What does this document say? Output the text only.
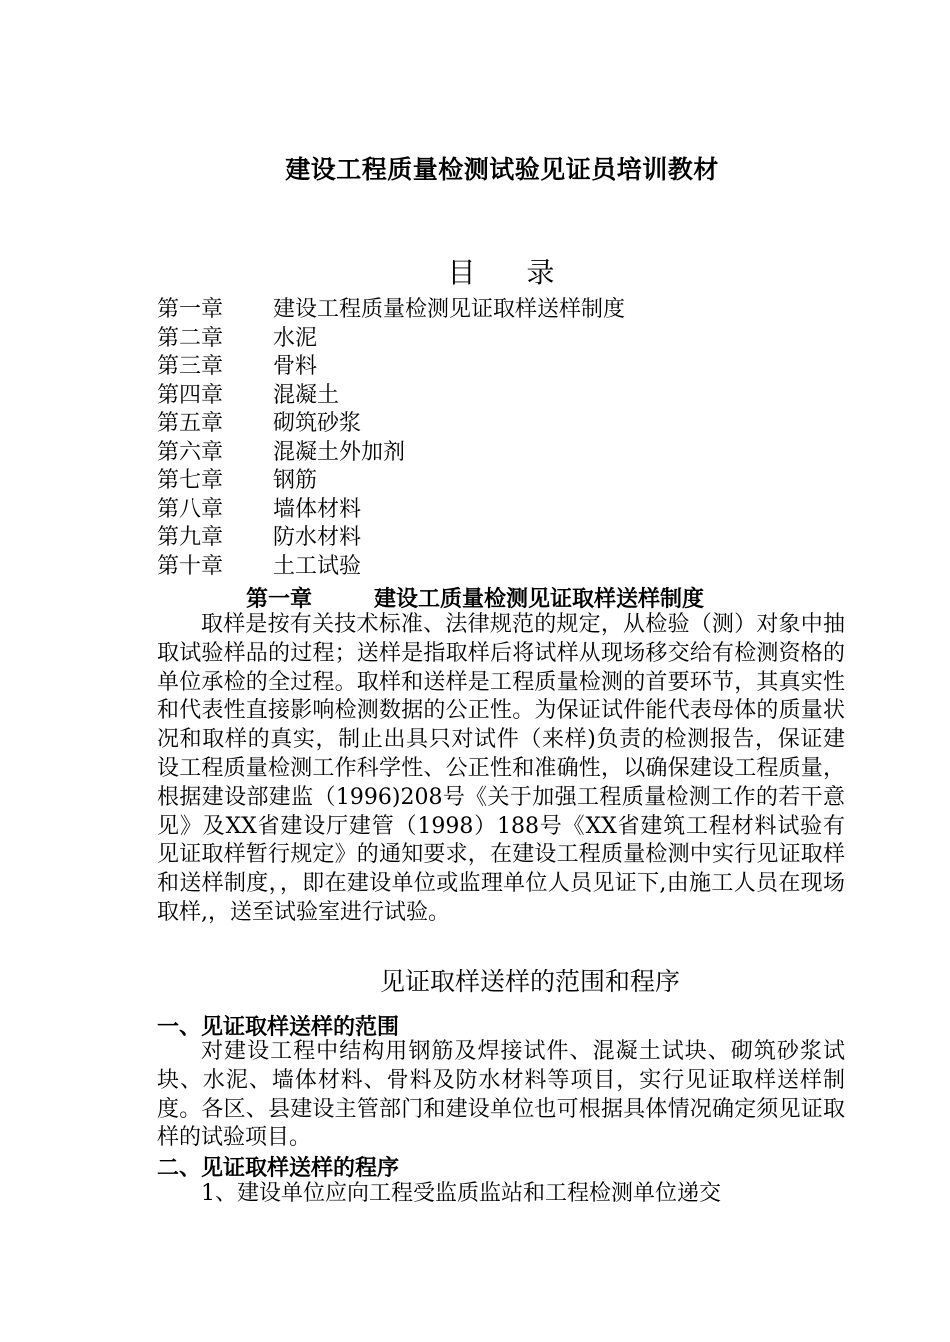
建设工程质量检测试验见证员培训教材
目 录
第一章	建设工程质量检测见证取样送样制度
第二章	水泥
第三章	骨料
第四章	混凝土
第五章	砌筑砂浆
第六章	混凝土外加剂
第七章	钢筋
第八章	墙体材料
第九章	防水材料
第十章	土工试验
第一章	建设工质量检测见证取样送样制度

取样是按有关技术标准、法律规范的规定，从检验（测）对象中抽取试验样品的过程；送样是指取样后将试样从现场移交给有检测资格的单位承检的全过程。取样和送样是工程质量检测的首要环节，其真实性和代表性直接影响检测数据的公正性。为保证试件能代表母体的质量状况和取样的真实，制止出具只对试件（来样)负责的检测报告，保证建设工程质量检测工作科学性、公正性和准确性，以确保建设工程质量，根据建设部建监（1996)208号《关于加强工程质量检测工作的若干意见》及XX省建设厅建管（1998）188号《XX省建筑工程材料试验有见证取样暂行规定》的通知要求，在建设工程质量检测中实行见证取样和送样制度，，即在建设单位或监理单位人员见证下,由施工人员在现场取样,，送至试验室进行试验。

见证取样送样的范围和程序
一、见证取样送样的范围

对建设工程中结构用钢筋及焊接试件、混凝土试块、砌筑砂浆试块、水泥、墙体材料、骨料及防水材料等项目，实行见证取样送样制度。各区、县建设主管部门和建设单位也可根据具体情况确定须见证取样的试验项目。

二、见证取样送样的程序

1、建设单位应向工程受监质监站和工程检测单位递交
